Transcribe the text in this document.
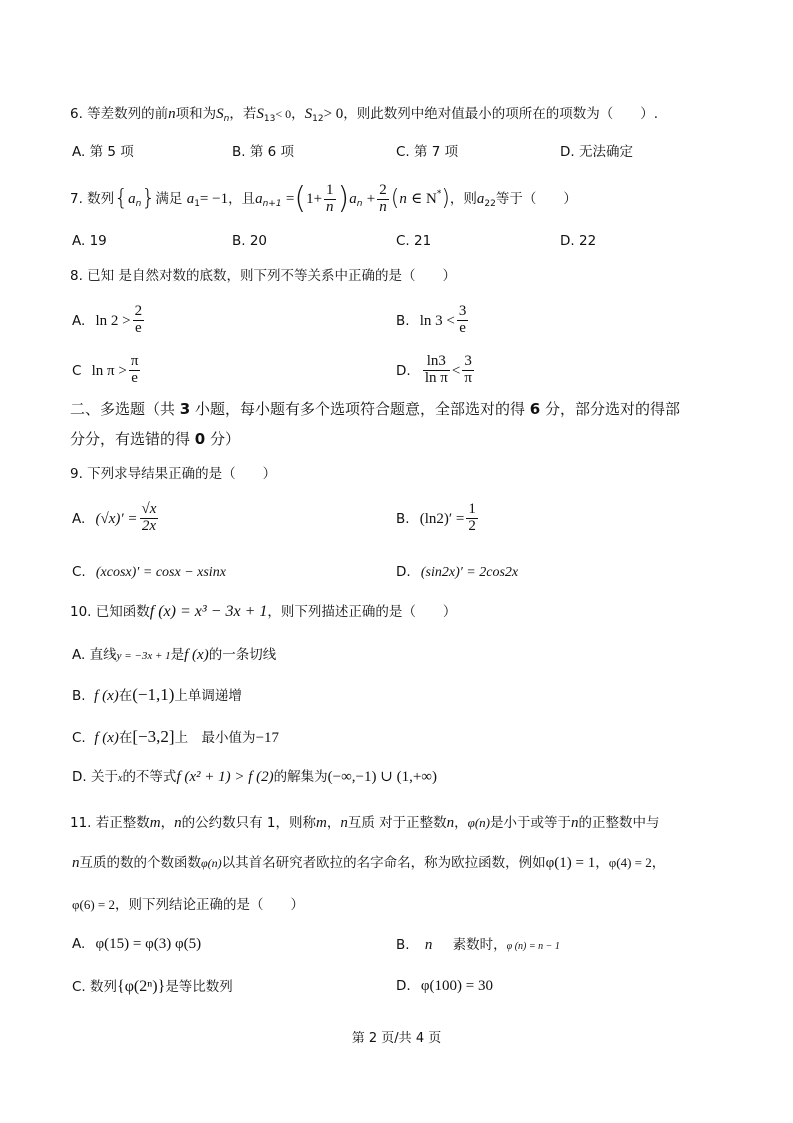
6. 等差数列的前n项和为$S_n$，若$S_{13}< 0$，$S_{12}> 0$，则此数列中绝对值最小的项所在的项数为（　　）.
A. 第 5 项	B. 第 6 项	C. 第 7 项	D. 无法确定
7. 数列$\{a_n\}$满足 $a_1= -1$，且$a_{n+1} =(1+ \frac{1}{n} )a_n + \frac{2}{n} (n$ ∈ N*)，则$a_{22}$等于（　　）
A. 19	B. 20	C. 21	D. 22
8. 已知 是自然对数的底数，则下列不等关系中正确的是（　　）
A. $\ln 2 > \frac{2}{e}$	B. $\ln 3 < \frac{3}{e}$
C $\ln \pi > \frac{\pi}{e}$	D. $\frac{\ln 3}{\text{ln π}} < \frac{3}{\pi}$
二、多选题（共 3 小题，每小题有多个选项符合题意，全部选对的得 6 分，部分选对的得部
分分，有选错的得 0 分）
9. 下列求导结果正确的是（　　）
A. $(√x)' = \frac{√x}{2x}$	B. $(\ln 2)' = \frac{1}{2}$
C. (xcosx)′ = cosx − xsinx	D. (sin2x)′ = 2cos2x
10. 已知函数f (x) = x³ − 3x + 1，则下列描述正确的是（　　）
A. 直线y = −3x + 1是f (x)的一条切线
B. f (x)在(−1,1)上单调递增
C. f (x)在[−3,2]上　最小值为−17
D. 关于x的不等式f (x² + 1) > f (2)的解集为(−∞,−1) ∪ (1,+∞)
11. 若正整数m，n的公约数只有 1，则称m，n互质 对于正整数n，φ(n)是小于或等于n的正整数中与
n互质的数的个数函数φ(n)以其首名研究者欧拉的名字命名，称为欧拉函数，例如φ(1) = 1，φ(4) = 2，
φ(6) = 2，则下列结论正确的是（　　）
A. φ(15) = φ(3) φ(5)	B. n 素数时，φ (n) = n − 1
C. 数列{φ(2ⁿ)}是等比数列	D. φ(100) = 30
第 2 页/共 4 页
